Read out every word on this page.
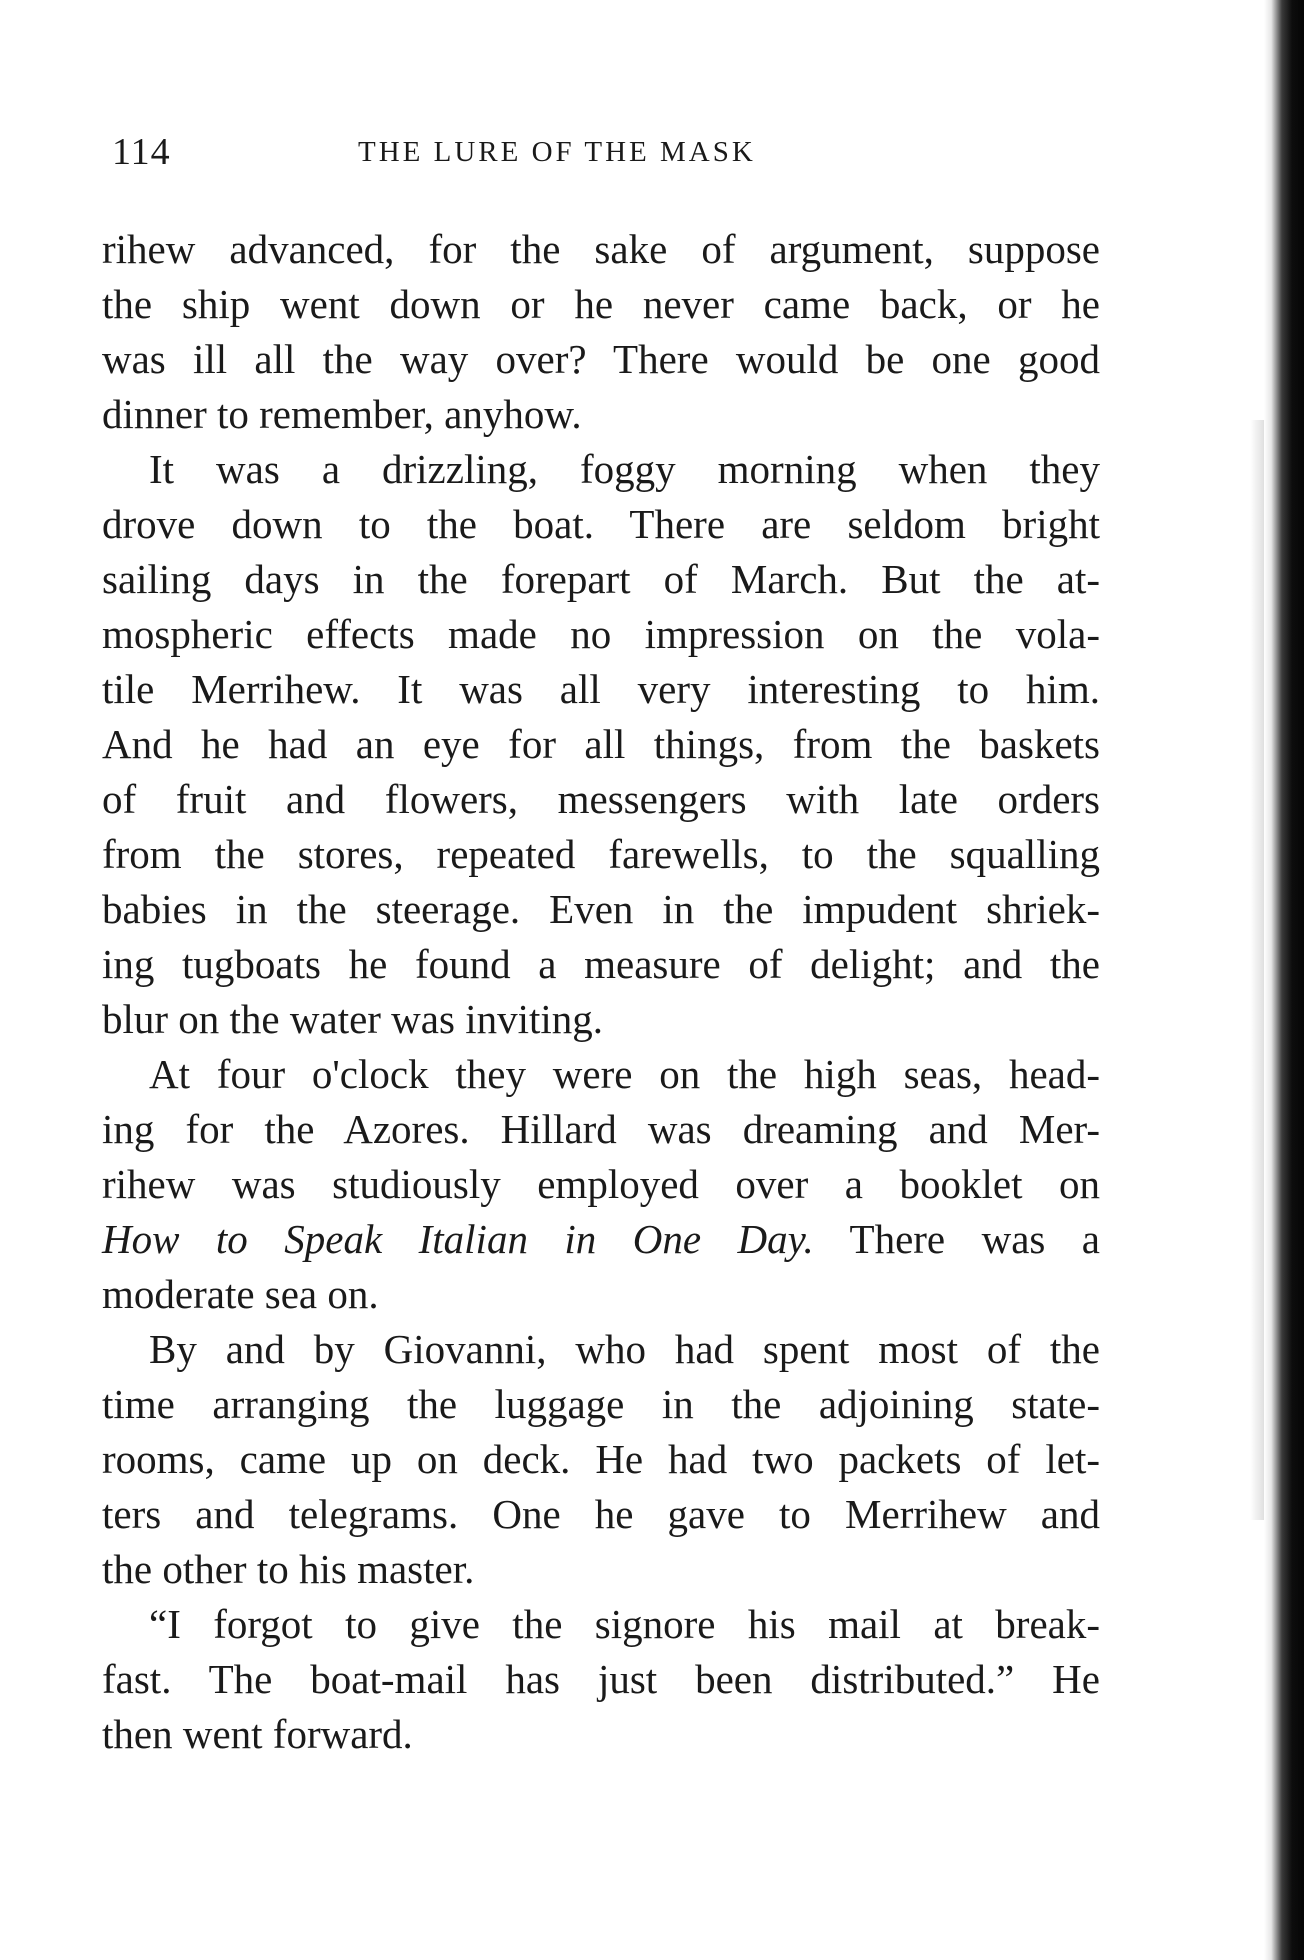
114	THE LURE OF THE MASK
rihew advanced, for the sake of argument, suppose
the ship went down or he never came back, or he
was ill all the way over? There would be one good
dinner to remember, anyhow.
It was a drizzling, foggy morning when they
drove down to the boat. There are seldom bright
sailing days in the forepart of March. But the at-
mospheric effects made no impression on the vola-
tile Merrihew. It was all very interesting to him.
And he had an eye for all things, from the baskets
of fruit and flowers, messengers with late orders
from the stores, repeated farewells, to the squalling
babies in the steerage. Even in the impudent shriek-
ing tugboats he found a measure of delight; and the
blur on the water was inviting.
At four o'clock they were on the high seas, head-
ing for the Azores. Hillard was dreaming and Mer-
rihew was studiously employed over a booklet on
How to Speak Italian in One Day. There was a
moderate sea on.
By and by Giovanni, who had spent most of the
time arranging the luggage in the adjoining state-
rooms, came up on deck. He had two packets of let-
ters and telegrams. One he gave to Merrihew and
the other to his master.
“I forgot to give the signore his mail at break-
fast. The boat-mail has just been distributed.” He
then went forward.
